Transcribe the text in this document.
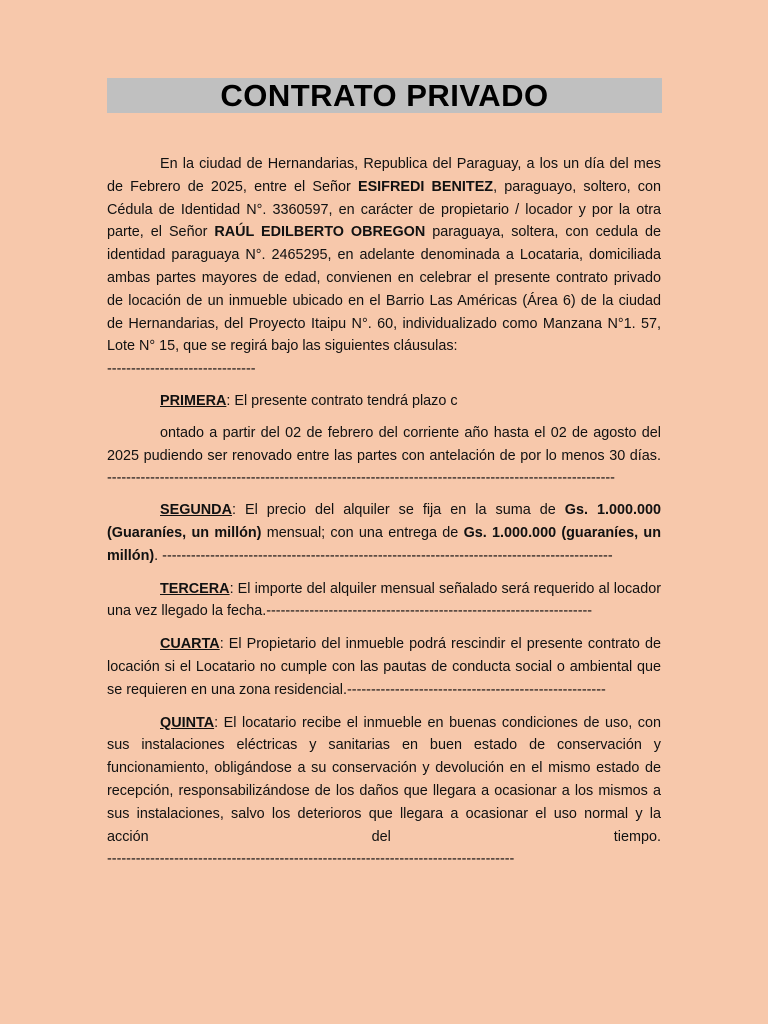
CONTRATO PRIVADO

En la ciudad de Hernandarias, Republica del Paraguay, a los un día del mes de Febrero de 2025, entre el Señor ESIFREDI BENITEZ, paraguayo, soltero, con Cédula de Identidad N°. 3360597, en carácter de propietario / locador y por la otra parte, el Señor RAÚL EDILBERTO OBREGON paraguaya, soltera, con cedula de identidad paraguaya N°. 2465295, en adelante denominada a Locataria, domiciliada ambas partes mayores de edad, convienen en celebrar el presente contrato privado de locación de un inmueble ubicado en el Barrio Las Américas (Área 6) de la ciudad de Hernandarias, del Proyecto Itaipu N°. 60, individualizado como Manzana N°1. 57, Lote N° 15, que se regirá bajo las siguientes cláusulas:

-------------------------------

PRIMERA: El presente contrato tendrá plazo c

ontado a partir del 02 de febrero del corriente año hasta el 02 de agosto del 2025 pudiendo ser renovado entre las partes con antelación de por lo menos 30 días.

----------------------------------------------------------------------------------------------------------

SEGUNDA: El precio del alquiler se fija en la suma de Gs. 1.000.000 (Guaraníes, un millón) mensual; con una entrega de Gs. 1.000.000 (guaraníes, un millón). ----------------------------------------------------------------------------------------------

TERCERA: El importe del alquiler mensual señalado será requerido al locador una vez llegado la fecha.--------------------------------------------------------------------

CUARTA: El Propietario del inmueble podrá rescindir el presente contrato de locación si el Locatario no cumple con las pautas de conducta social o ambiental que se requieren en una zona residencial.------------------------------------------------------

QUINTA: El locatario recibe el inmueble en buenas condiciones de uso, con sus instalaciones eléctricas y sanitarias en buen estado de conservación y funcionamiento, obligándose a su conservación y devolución en el mismo estado de recepción, responsabilizándose de los daños que llegara a ocasionar a los mismos a sus instalaciones, salvo los deterioros que llegara a ocasionar el uso normal y la acción del tiempo.

-------------------------------------------------------------------------------------
